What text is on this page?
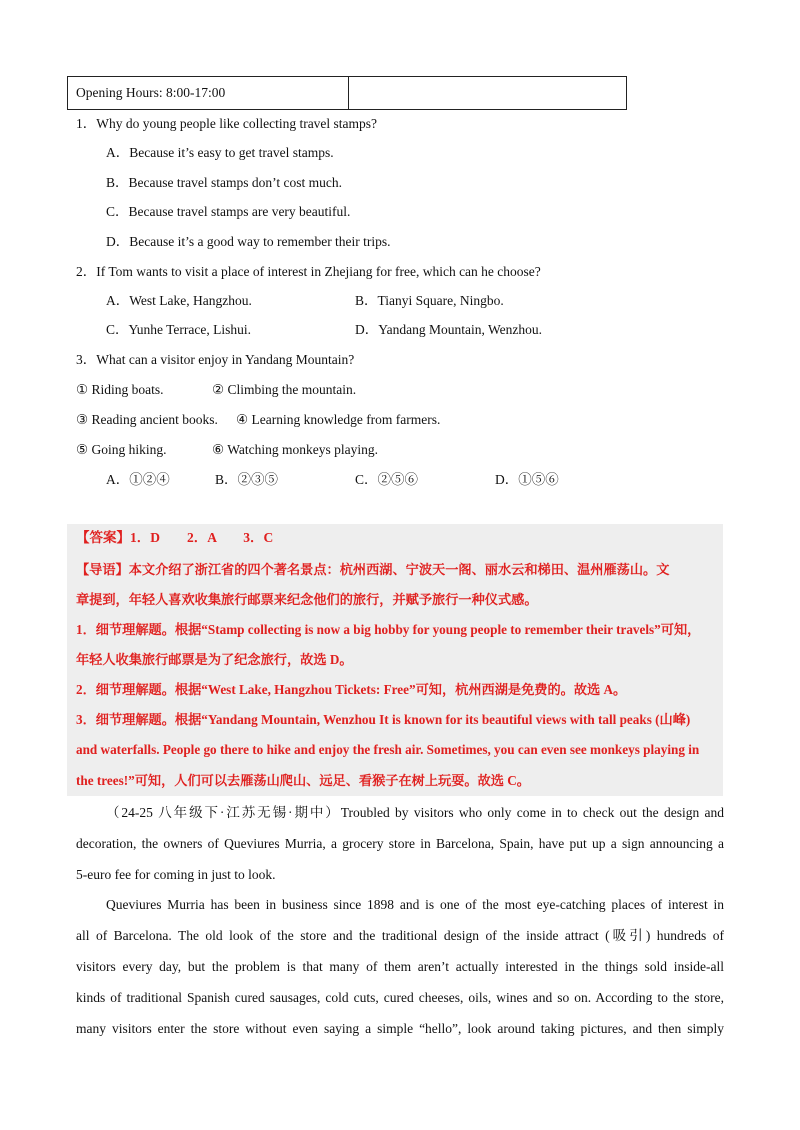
Opening Hours: 8:00-17:00	
1．Why do young people like collecting travel stamps?
A．Because it’s easy to get travel stamps.
B．Because travel stamps don’t cost much.
C．Because travel stamps are very beautiful.
D．Because it’s a good way to remember their trips.
2．If Tom wants to visit a place of interest in Zhejiang for free, which can he choose?
A．West Lake, Hangzhou.	B．Tianyi Square, Ningbo.
C．Yunhe Terrace, Lishui.	D．Yandang Mountain, Wenzhou.
3．What can a visitor enjoy in Yandang Mountain?
① Riding boats.	② Climbing the mountain.
③ Reading ancient books. ④ Learning knowledge from farmers.
⑤ Going hiking.	⑥ Watching monkeys playing.
A．①②④	B．②③⑤	C．②⑤⑥	D．①⑤⑥
【答案】1．D　　2．A　　3．C
【导语】本文介绍了浙江省的四个著名景点：杭州西湖、宁波天一阁、丽水云和梯田、温州雁荡山。文
章提到，年轻人喜欢收集旅行邮票来纪念他们的旅行，并赋予旅行一种仪式感。
1．细节理解题。根据“Stamp collecting is now a big hobby for young people to remember their travels”可知，
年轻人收集旅行邮票是为了纪念旅行，故选 D。
2．细节理解题。根据“West Lake, Hangzhou Tickets: Free”可知，杭州西湖是免费的。故选 A。
3．细节理解题。根据“Yandang Mountain, Wenzhou It is known for its beautiful views with tall peaks (山峰)
and waterfalls. People go there to hike and enjoy the fresh air. Sometimes, you can even see monkeys playing in
the trees!”可知，人们可以去雁荡山爬山、远足、看猴子在树上玩耍。故选 C。
（24-25 八年级下·江苏无锡·期中）Troubled by visitors who only come in to check out the design and
decoration, the owners of Queviures Murria, a grocery store in Barcelona, Spain, have put up a sign announcing a
5-euro fee for coming in just to look.
Queviures Murria has been in business since 1898 and is one of the most eye-catching places of interest in
all of Barcelona. The old look of the store and the traditional design of the inside attract (吸引) hundreds of
visitors every day, but the problem is that many of them aren’t actually interested in the things sold inside-all
kinds of traditional Spanish cured sausages, cold cuts, cured cheeses, oils, wines and so on. According to the store,
many visitors enter the store without even saying a simple “hello”, look around taking pictures, and then simply
